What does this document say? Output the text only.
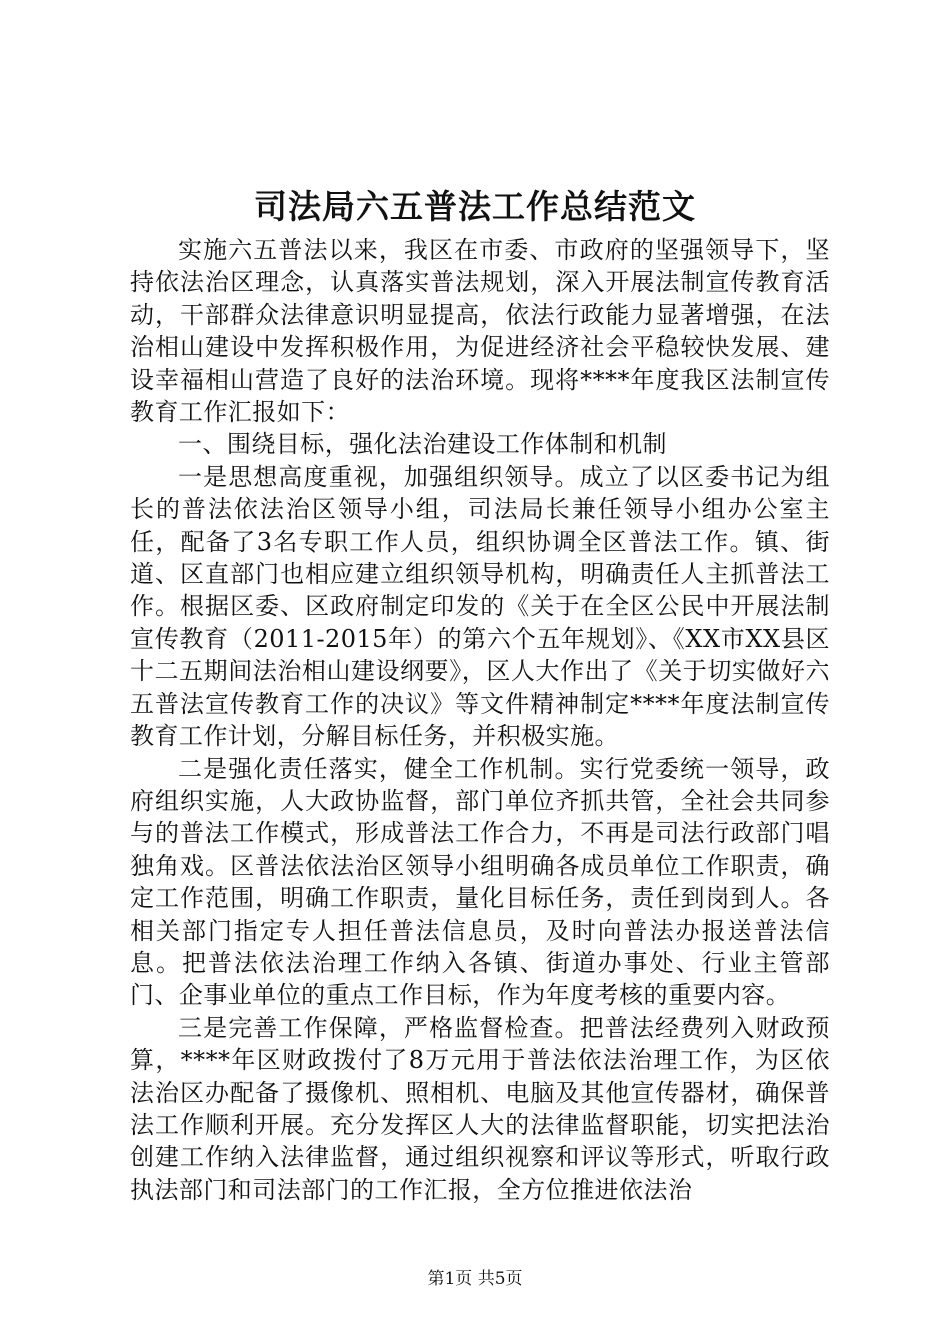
司法局六五普法工作总结范文

实施六五普法以来，我区在市委、市政府的坚强领导下，坚持依法治区理念，认真落实普法规划，深入开展法制宣传教育活动，干部群众法律意识明显提高，依法行政能力显著增强，在法治相山建设中发挥积极作用，为促进经济社会平稳较快发展、建设幸福相山营造了良好的法治环境。现将****年度我区法制宣传教育工作汇报如下：

一、围绕目标，强化法治建设工作体制和机制

一是思想高度重视，加强组织领导。成立了以区委书记为组长的普法依法治区领导小组，司法局长兼任领导小组办公室主任，配备了3名专职工作人员，组织协调全区普法工作。镇、街道、区直部门也相应建立组织领导机构，明确责任人主抓普法工作。根据区委、区政府制定印发的《关于在全区公民中开展法制宣传教育（2011-2015年）的第六个五年规划》、《XX市XX县区十二五期间法治相山建设纲要》，区人大作出了《关于切实做好六五普法宣传教育工作的决议》等文件精神制定****年度法制宣传教育工作计划，分解目标任务，并积极实施。

二是强化责任落实，健全工作机制。实行党委统一领导，政府组织实施，人大政协监督，部门单位齐抓共管，全社会共同参与的普法工作模式，形成普法工作合力，不再是司法行政部门唱独角戏。区普法依法治区领导小组明确各成员单位工作职责，确定工作范围，明确工作职责，量化目标任务，责任到岗到人。各相关部门指定专人担任普法信息员，及时向普法办报送普法信息。把普法依法治理工作纳入各镇、街道办事处、行业主管部门、企事业单位的重点工作目标，作为年度考核的重要内容。

三是完善工作保障，严格监督检查。把普法经费列入财政预算，****年区财政拨付了8万元用于普法依法治理工作，为区依法治区办配备了摄像机、照相机、电脑及其他宣传器材，确保普法工作顺利开展。充分发挥区人大的法律监督职能，切实把法治创建工作纳入法律监督，通过组织视察和评议等形式，听取行政执法部门和司法部门的工作汇报，全方位推进依法治

第1页 共5页
